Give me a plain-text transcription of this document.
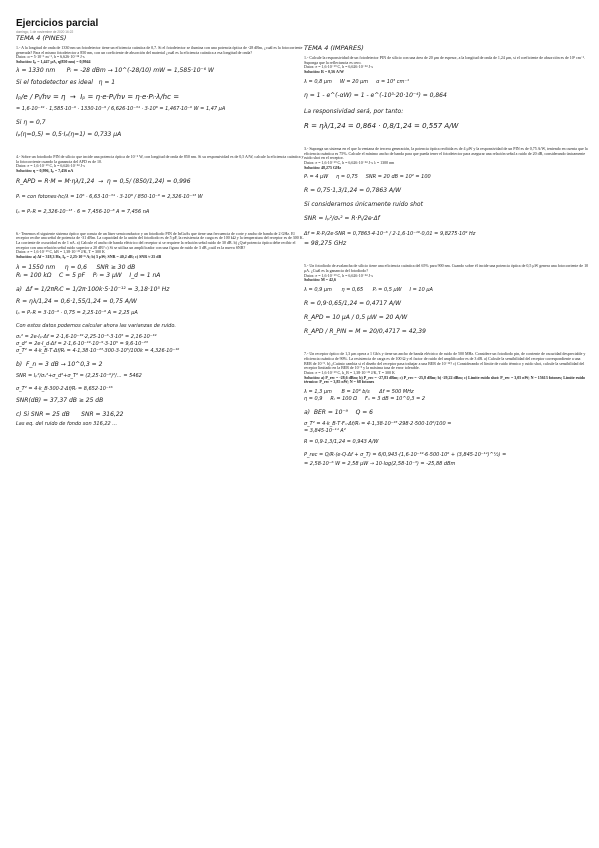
Ejercicios parcial
domingo, 1 de noviembre de 2020 16:22
TEMA 4 (PINES)
1.- A la longitud de onda de 1330 nm un fotodetector tiene un eficiencia cuántica de 0,7. Si el fotodetector se ilumina con una potencia óptica de -28 dBm, ¿cuál es la fotocorriente generada? Para el mismo fotodetector a 850 nm, con un coeficiente de absorción del material ¿cuál es la eficiencia cuántica a esa longitud de onda?
Datos: α = 5·10⁻¹ m⁻¹, h = 6,626·10⁻³⁴ J·s
Solución: Iₚ = 1,447 μA, η(850 nm) = 0,9944
λ = 1330 nm      Pᵢ = -28 dBm → 10^(-28/10) mW = 1,585·10⁻⁶ W
Si el fotodetector es ideal   η = 1
Iₚ/e / Pᵢ/hν = η  →  Iₚ = η·e·Pᵢ/hν = η·e·Pᵢ·λ/hc =
= 1,6·10⁻¹⁹ · 1,585·10⁻⁶ · 1330·10⁻⁹ / 6,626·10⁻³⁴ · 3·10⁸ = 1,467·10⁻⁶ W = 1,47 μA
Si η = 0,7
Iₚ(η=0,5) = 0,5·Iₚ(η=1) = 0,733 μA
4.- Sobre un fotodiodo PIN de silicio que incide una potencia óptica de 10⁻⁶ W, con longitud de onda de 850 nm. Si su responsividad es de 0,5 A/W, calcule la eficiencia cuántica y la fotocorriente cuando la ganancia del APD es de 10.
Datos: e = 1,6·10⁻¹⁹ C, h = 6,626·10⁻³⁴ J·s
Solución: η = 0,996, Iₚ = 7,456 nA
R_APD = R·M = M·ηλ/1,24  →  η = 0,5/ (850/1,24) = 0,996
Pᵢ = con fotones·hc/λ = 10⁶ · 6,63·10⁻³⁴ · 3·10⁸ / 850·10⁻⁹ = 2,326·10⁻¹³ W
Iₚ = Pᵢ·R = 2,326·10⁻¹³ · 6 = 7,456·10⁻⁸ A = 7,456 nA
6.- Tenemos el siguiente sistema óptico que consta de un láser semiconductor y un fotodiodo PIN de InGaAs que tiene una frecuencia de corte y ancho de banda de 2 GHz. El receptor recibe una señal de potencia de -31 dBm. La capacidad de la unión del fotodiodo es de 5 pF, la resistencia de carga es de 100 kΩ y la temperatura del receptor es de 300 K. La corriente de oscuridad es de 1 nA. a) Calcule el ancho de banda eléctrico del receptor si se requiere la relación señal ruido de 30 dB. b) ¿Qué potencia óptica debe recibir el receptor con una relación señal ruido superior a 20 dB? c) Si se utiliza un amplificador con una figura de ruido de 3 dB ¿cuál es la nueva SNR?
Datos: e = 1,6·10⁻¹⁹ C, kB = 1,38·10⁻²³ J/K, T = 300 K
Solución: a) Δf = 318,3 Hz, Iₚ = 2,25·10⁻⁶ A; b) 5 μW; SNR = 40,2 dB; c) SNR ≈ 25 dB
λ = 1550 nm     η = 0,6     SNR ≥ 30 dB
Rₗ = 100 kΩ    C = 5 pF    Pᵢ = 3 μW    I_d = 1 nA
a)  Δf = 1/2πRₗC = 1/2π·100k·5·10⁻¹² = 3,18·10⁵ Hz
R = ηλ/1,24 = 0,6·1,55/1,24 = 0,75 A/W
Iₚ = Pᵢ·R = 3·10⁻⁶ · 0,75 = 2,25·10⁻⁶ A = 2,25 μA
Con estos datos podemos calcular ahora las varianzas de ruido.
σₛ² = 2e·Iₚ·Δf = 2·1,6·10⁻¹⁹·2,25·10⁻⁶·3·10⁵ = 2,16·10⁻¹⁹
σ_d² = 2e·I_d·Δf = 2·1,6·10⁻¹⁹·10⁻⁹·3·10⁵ = 9,6·10⁻²³
σ_T² = 4·k_B·T·Δf/Rₗ = 4·1,38·10⁻²³·300·3·10⁵/100k = 4,326·10⁻¹⁶
b)  F_n = 3 dB → 10^0,3 = 2
SNR = Iₚ²/σₛ²+σ_d²+σ_T² = (2,25·10⁻⁶)²/… = 5462
σ_T² = 4·k_B·300·2·Δf/Rₗ = 8,652·10⁻¹⁶
SNR(dB) = 37,37 dB ≥ 25 dB
c) Si SNR = 25 dB      SNR = 316,22
Las eq. del ruido de fondo son 316,22 ...
TEMA 4 (IMPARES)
1.- Calcule la responsividad de un fotodetector PIN de silicio con una área de 20 μm de espesor, a la longitud de onda de 1,24 μm, si el coeficiente de absorción es de 10³ cm⁻¹. Suponga que la reflectancia es cero.
Datos: e = 1,6·10⁻¹⁹ C, h = 6,626·10⁻³⁴ J·s
Solución: R = 0,56 A/W
λ = 0,8 μm     W = 20 μm     α = 10³ cm⁻¹
η = 1 - e^(-αW) = 1 - e^(-10³·20·10⁻⁴) = 0,864
La responsividad será, por tanto:
R = ηλ/1,24 = 0,864 · 0,8/1,24 = 0,557 A/W
3.- Suponga un sistema en el que la ventana de tercera generación, la potencia óptica recibida es de 4 μW y la responsividad de un PIN es de 0,75 A/W, teniendo en cuenta que la eficiencia cuántica es 75%. Calcule el mínimo ancho de banda para que pueda tener el fotodetector para asegurar una relación señal a ruido de 20 dB, considerando únicamente ruido shot en el receptor.
Datos: e = 1,6·10⁻¹⁹ C, h = 6,626·10⁻³⁴ J·s λ = 1300 nm
Solución: 48,275 GHz
Pᵢ = 4 μW     η = 0,75     SNR = 20 dB = 10² = 100
R = 0,75·1,3/1,24 = 0,7863 A/W
Si consideramos únicamente ruido shot
SNR = Iₚ²/σₛ² = R·Pᵢ/2e·Δf
Δf = R·Pᵢ/2e·SNR = 0,7863·4·10⁻⁶ / 2·1,6·10⁻¹⁹·0,01 = 9,8275·10⁹ Hz
= 98,275 GHz
5.- Un fotodiodo de avalancha de silicio tiene una eficiencia cuántica del 65% para 900 nm. Cuando sobre él incide una potencia óptica de 0,5 μW genera una fotocorriente de 10 μA. ¿Cuál es la ganancia del fotodiodo?
Datos: e = 1,6·10⁻¹⁹ C, h = 6,626·10⁻³⁴ J·s
Solución: M = 42,6
λ = 0,9 μm      η = 0,65      Pᵢ = 0,5 μW     I = 10 μA
R = 0,9·0,65/1,24 = 0,4717 A/W
R_APD = 10 μA / 0,5 μW = 20 A/W
R_APD / R_PIN = M = 20/0,4717 = 42,39
7.- Un receptor óptico de 1,3 μm opera a 1 Gb/s y tiene un ancho de banda eléctrico de ruido de 500 MHz. Considere un fotodiodo pin, de corriente de oscuridad despreciable y eficiencia cuántica de 90%. La resistencia de carga es de 100 Ω y el factor de ruido del amplificador es de 3 dB. a) Calcule la sensibilidad del receptor correspondiente a una BER de 10⁻⁹. b) ¿Cuánto cambia si el diseño del receptor pasa trabajar a una BER de 10⁻¹²? c) Considerando el límite de ruido térmico y ruido shot, calcule la sensibilidad del receptor limitado en la BER de 10⁻⁹ y la máxima tasa de error tolerable.
Datos: e = 1,6·10⁻¹⁹ C, k_B = 1,38·10⁻²³ J/K, T = 300 K
Solución: a) P_rec = -28,6 dBm; b) P_rec = -27,83 dBm; c) P_rec = -25,8 dBm; b) -29,22 dBm; c) Límite ruido shot: P_rec = 3,05 nW; N = 15613 fotones; Límite ruido térmico: P_rec = 3,85 nW; N = 68 fotones
λ = 1,3 μm      B = 10⁹ b/s      Δf = 500 MHz
η = 0,9     Rₗ = 100 Ω     Fₙ = 3 dB = 10^0,3 = 2
a)  BER = 10⁻⁹    Q = 6
σ_T² = 4·k_B·T·Fₙ·Δf/Rₗ = 4·1,38·10⁻²³·298·2·500·10⁶/100 =
= 3,845·10⁻¹⁴ A²
R = 0,9·1,3/1,24 = 0,943 A/W
P_rec = Q/R·(e·Q·Δf + σ_T) = 6/0,943·(1,6·10⁻¹⁹·6·500·10⁶ + (3,845·10⁻¹⁴)^½) =
= 2,58·10⁻⁶ W = 2,58 μW → 10·log(2,58·10⁻³) = -25,88 dBm
